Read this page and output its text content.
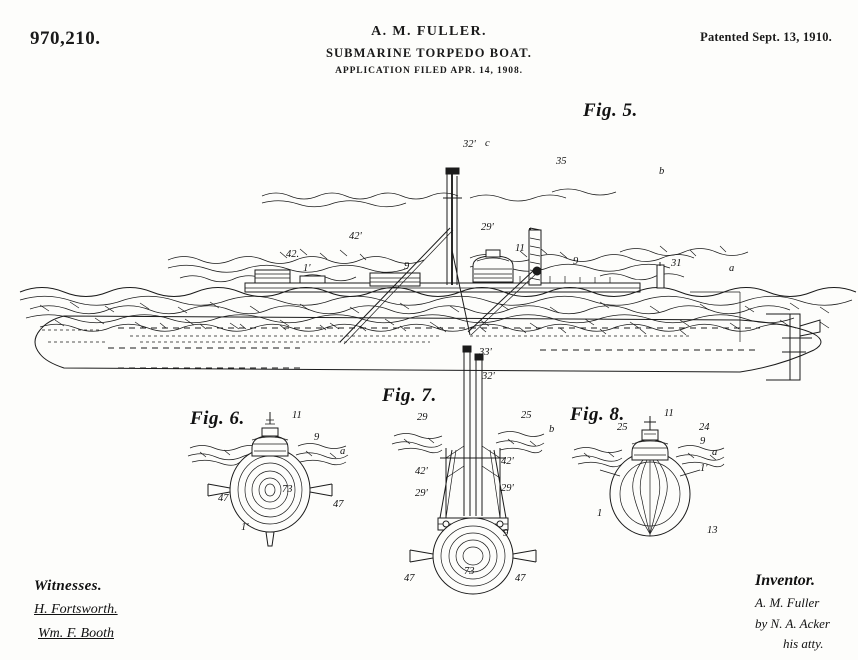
970,210.	Patented Sept. 13, 1910.
A. M. FULLER.
SUBMARINE TORPEDO BOAT.
APPLICATION FILED APR. 14, 1908.
Fig. 5.
c
32'
35
b
29'
11
42.
42'
9	9
1'	31	a
Fig. 6.	11
9
a
47
73
47
1'
Fig. 7.
33'
32'
29	25
b
42'
42'
29'	29'
9
73
47	47
Fig. 8.	11
24
25
9
a
1'
1
13
Witnesses.
H. Fortsworth.
Wm. F. Booth
Inventor.
A. M. Fuller
by N. A. Acker
his atty.
